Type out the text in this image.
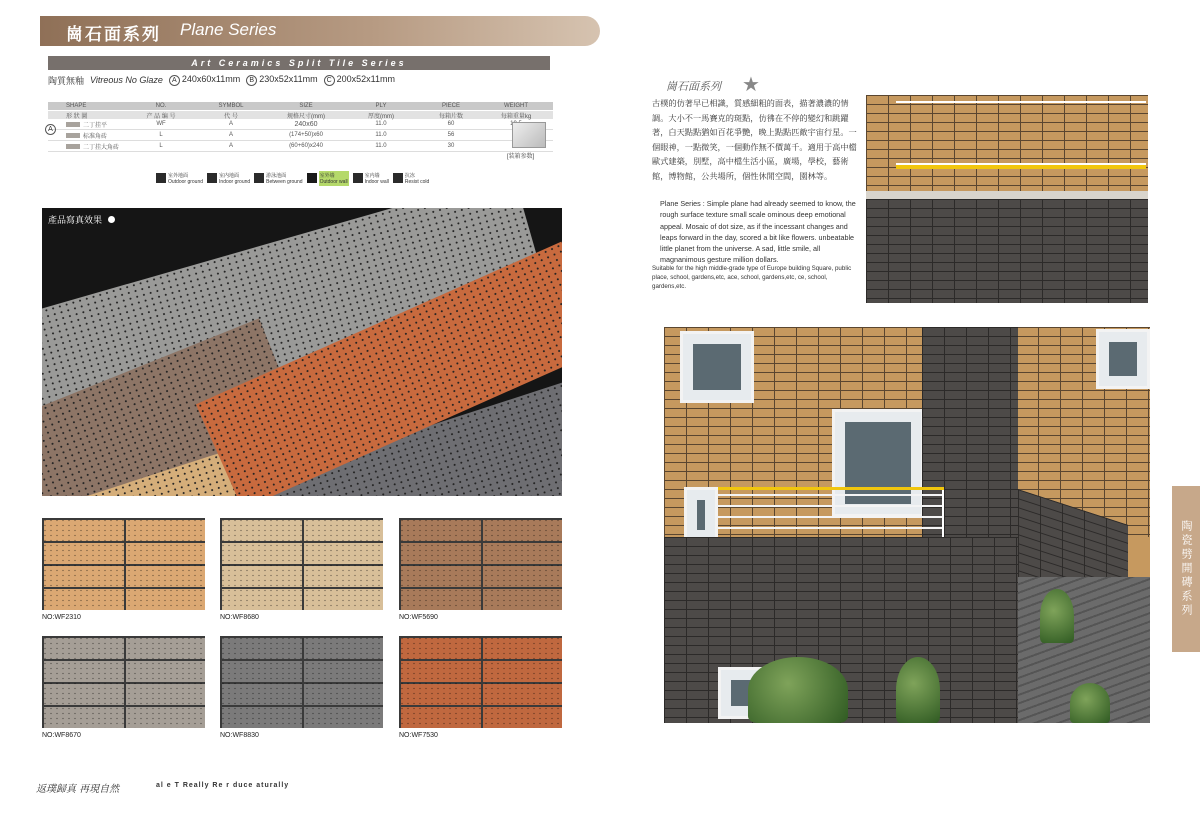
崗石面系列 Plane Series
Art Ceramics Split Tile Series
陶質無釉 Vitreous No Glaze	A 240x60x11mm	B 230x52x11mm	C 200x52x11mm
SHAPE	NO.	SYMBOL	SIZE	PLY	PIECE	WEIGHT
形 狀 圖	产 品 编 号	代 号	规格尺寸(mm)	厚度(mm)	每箱片数	每箱重量kg
二丁挂平	WF	A	240x60	11.0	60
标准角砖	L	A	(174+50)x60	11.0	56
二丁挂大角砖	L	A	(60+60)x240	11.0	30
A
[装箱参数]
室外地面
Outdoor ground
室内地面
Indoor ground
游泳池面
Between ground
室外墙
Outdoor wall
室内墙
Indoor wall
抗冻
Resist cold
產品寫真效果
NO:WF2310	NO:WF8680	NO:WF5690
NO:WF8670	NO:WF8830	NO:WF7530
返璞歸真 再現自然	al e T Really Re r duce aturally
崗石面系列 ★
古樸的仿著早已相識，質感細粗的面表，描著濃濃的情調。大小不一馬賽克的斑點，仿彿在不停的變幻和跳躍著，白天點點猶如百花爭艷，晚上點點匹敵宇宙行星。一個眼神，一點微笑，一個動作無不價萬千。適用于高中檔歐式建築，別墅，高中檔生活小區，廣場，學校，藝術館，博物館，公共場所，個性休閒空間，園林等。
Plane Series : Simple plane had already seemed to know, the rough surface texture small scale ominous deep emotional appeal. Mosaic of dot size, as if the incessant changes and leaps forward in the day, scored a bit like flowers. unbeatable little planet from the universe. A sad, little smile, all magnanimous gesture million dollars.
Suitable for the high middle-grade type of Europe building Square, public place, school, gardens,etc, ace, school, gardens,etc, ce, school, gardens,etc.
陶瓷劈開磚系列
